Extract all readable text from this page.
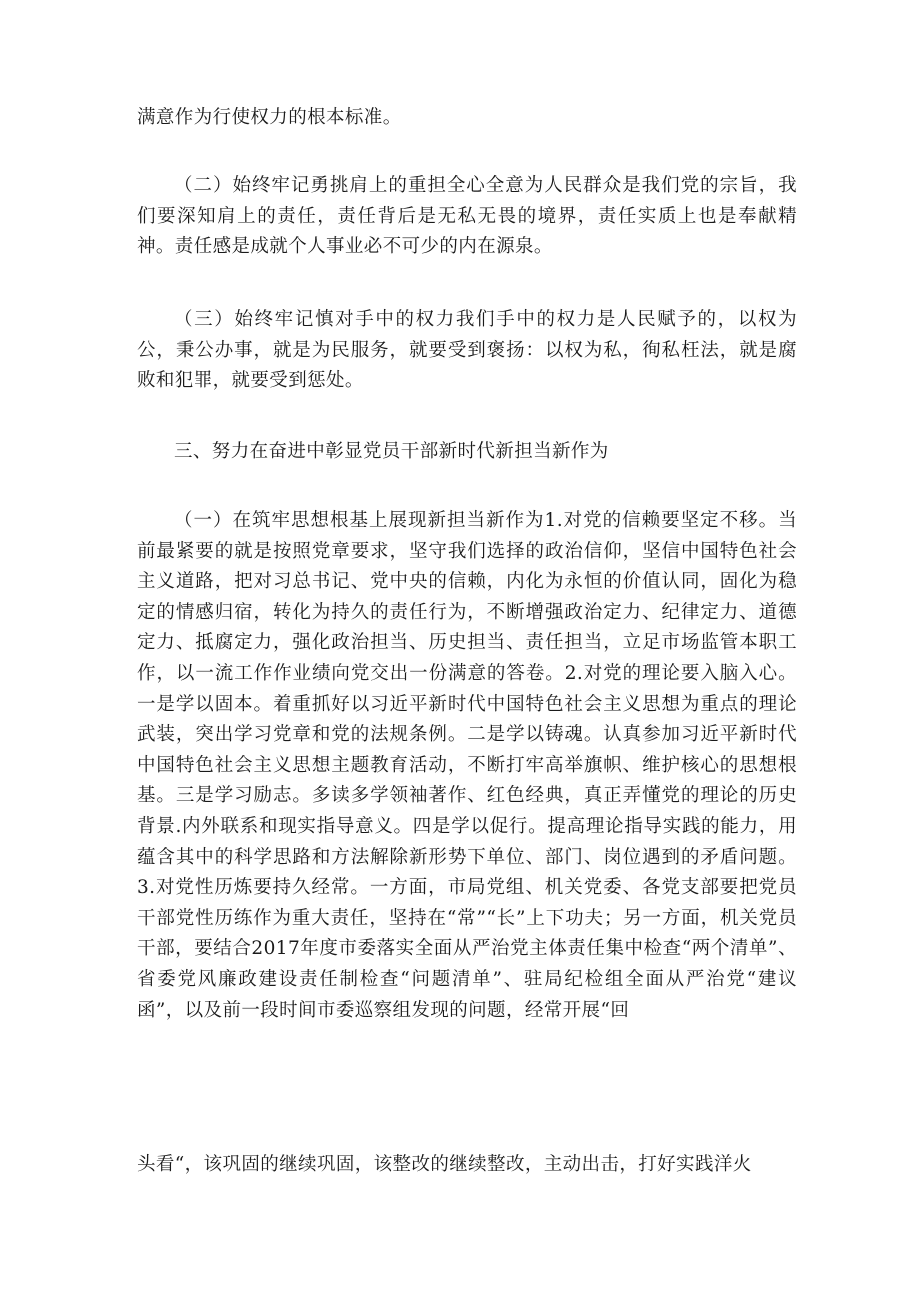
满意作为行使权力的根本标准。

（二）始终牢记勇挑肩上的重担全心全意为人民群众是我们党的宗旨，我们要深知肩上的责任，责任背后是无私无畏的境界，责任实质上也是奉献精神。责任感是成就个人事业必不可少的内在源泉。

（三）始终牢记慎对手中的权力我们手中的权力是人民赋予的，以权为公，秉公办事，就是为民服务，就要受到褒扬：以权为私，徇私枉法，就是腐败和犯罪，就要受到惩处。

三、努力在奋进中彰显党员干部新时代新担当新作为

（一）在筑牢思想根基上展现新担当新作为1.对党的信赖要坚定不移。当前最紧要的就是按照党章要求，坚守我们选择的政治信仰，坚信中国特色社会主义道路，把对习总书记、党中央的信赖，内化为永恒的价值认同，固化为稳定的情感归宿，转化为持久的责任行为，不断增强政治定力、纪律定力、道德定力、抵腐定力，强化政治担当、历史担当、责任担当，立足市场监管本职工作，以一流工作作业绩向党交出一份满意的答卷。2.对党的理论要入脑入心。一是学以固本。着重抓好以习近平新时代中国特色社会主义思想为重点的理论武装，突出学习党章和党的法规条例。二是学以铸魂。认真参加习近平新时代中国特色社会主义思想主题教育活动，不断打牢高举旗帜、维护核心的思想根基。三是学习励志。多读多学领袖著作、红色经典，真正弄懂党的理论的历史背景.内外联系和现实指导意义。四是学以促行。提高理论指导实践的能力，用蕴含其中的科学思路和方法解除新形势下单位、部门、岗位遇到的矛盾问题。3.对党性历炼要持久经常。一方面，市局党组、机关党委、各党支部要把党员干部党性历练作为重大责任，坚持在“常”“长”上下功夫；另一方面，机关党员干部，要结合2017年度市委落实全面从严治党主体责任集中检查“两个清单”、省委党风廉政建设责任制检查“问题清单”、驻局纪检组全面从严治党“建议函”，以及前一段时间市委巡察组发现的问题，经常开展“回

头看“，该巩固的继续巩固，该整改的继续整改，主动出击，打好实践洋火
